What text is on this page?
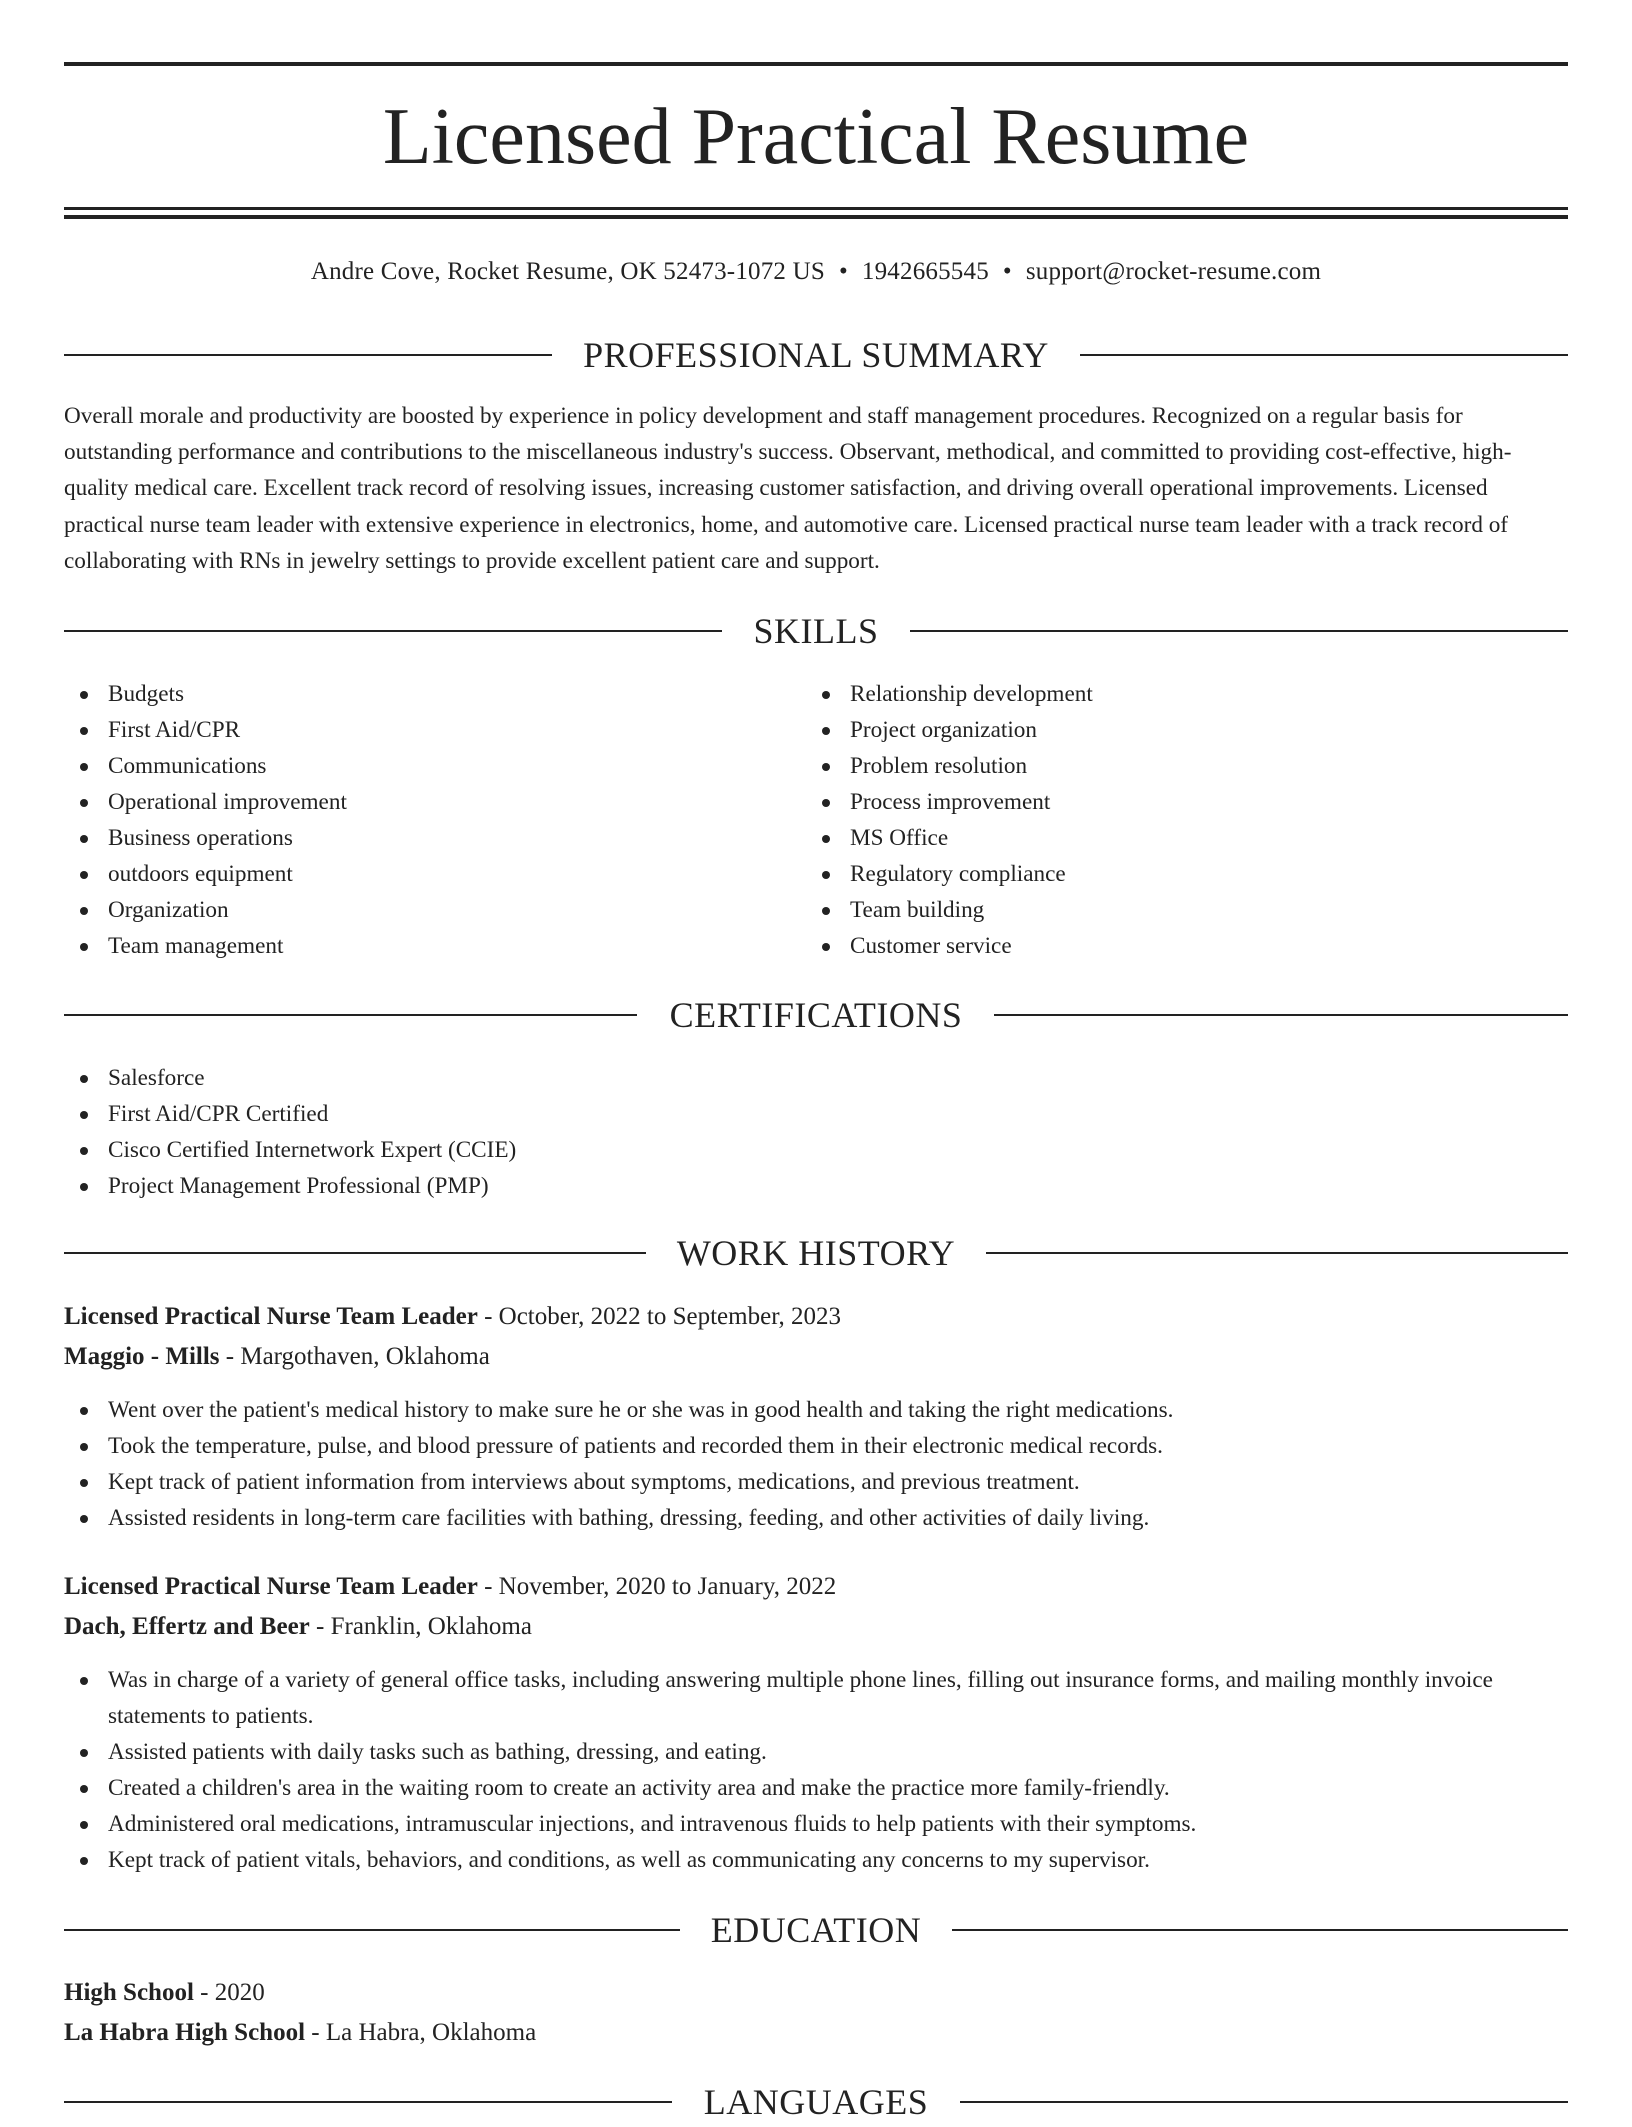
Licensed Practical Resume
Andre Cove, Rocket Resume, OK 52473-1072 US • 1942665545 • support@rocket-resume.com
PROFESSIONAL SUMMARY

Overall morale and productivity are boosted by experience in policy development and staff management procedures. Recognized on a regular basis for outstanding performance and contributions to the miscellaneous industry's success. Observant, methodical, and committed to providing cost-effective, high-quality medical care. Excellent track record of resolving issues, increasing customer satisfaction, and driving overall operational improvements. Licensed practical nurse team leader with extensive experience in electronics, home, and automotive care. Licensed practical nurse team leader with a track record of collaborating with RNs in jewelry settings to provide excellent patient care and support.

SKILLS
Budgets
First Aid/CPR
Communications
Operational improvement
Business operations
outdoors equipment
Organization
Team management
Relationship development
Project organization
Problem resolution
Process improvement
MS Office
Regulatory compliance
Team building
Customer service
CERTIFICATIONS
Salesforce
First Aid/CPR Certified
Cisco Certified Internetwork Expert (CCIE)
Project Management Professional (PMP)
WORK HISTORY
Licensed Practical Nurse Team Leader - October, 2022 to September, 2023
Maggio - Mills - Margothaven, Oklahoma
Went over the patient's medical history to make sure he or she was in good health and taking the right medications.
Took the temperature, pulse, and blood pressure of patients and recorded them in their electronic medical records.
Kept track of patient information from interviews about symptoms, medications, and previous treatment.
Assisted residents in long-term care facilities with bathing, dressing, feeding, and other activities of daily living.
Licensed Practical Nurse Team Leader - November, 2020 to January, 2022
Dach, Effertz and Beer - Franklin, Oklahoma
Was in charge of a variety of general office tasks, including answering multiple phone lines, filling out insurance forms, and mailing monthly invoice statements to patients.
Assisted patients with daily tasks such as bathing, dressing, and eating.
Created a children's area in the waiting room to create an activity area and make the practice more family-friendly.
Administered oral medications, intramuscular injections, and intravenous fluids to help patients with their symptoms.
Kept track of patient vitals, behaviors, and conditions, as well as communicating any concerns to my supervisor.
EDUCATION
High School - 2020
La Habra High School - La Habra, Oklahoma
LANGUAGES
